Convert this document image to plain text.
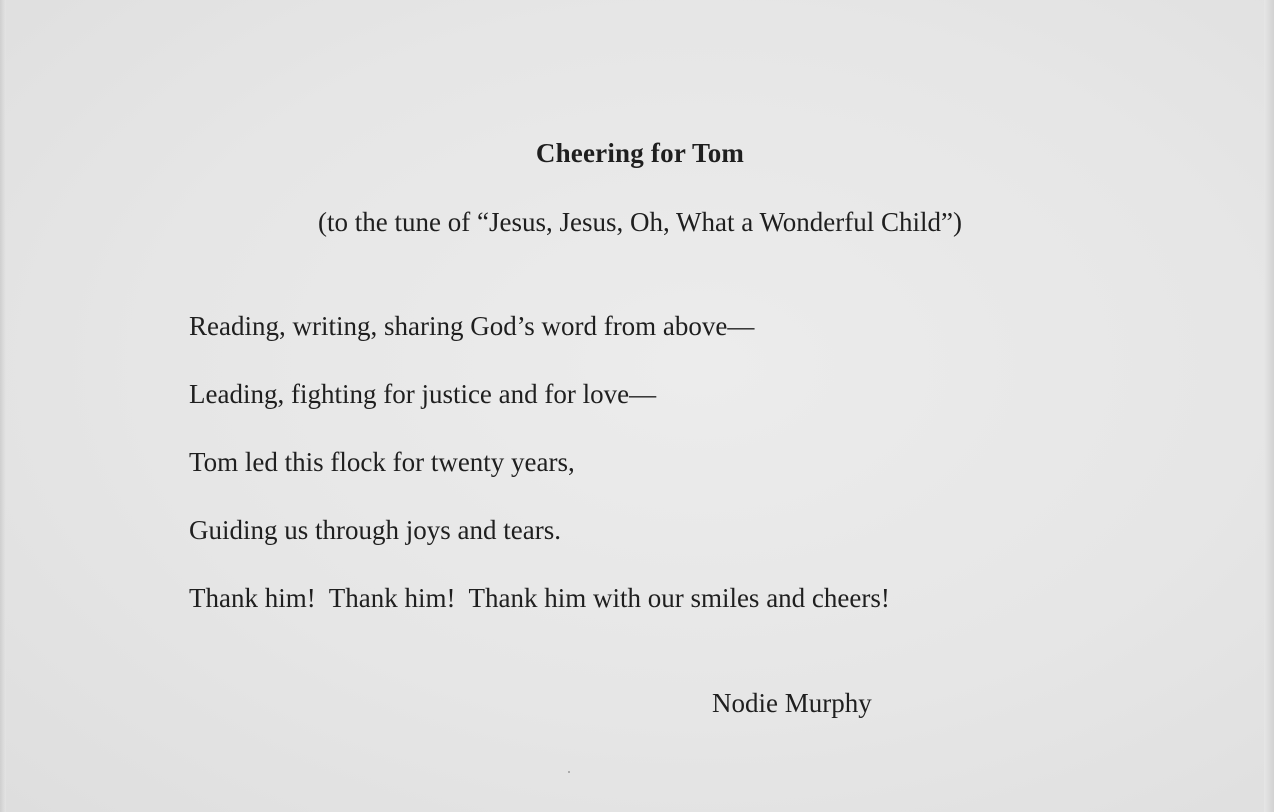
Cheering for Tom
(to the tune of “Jesus, Jesus, Oh, What a Wonderful Child”)
Reading, writing, sharing God’s word from above—
Leading, fighting for justice and for love—
Tom led this flock for twenty years,
Guiding us through joys and tears.
Thank him!  Thank him!  Thank him with our smiles and cheers!
Nodie Murphy
